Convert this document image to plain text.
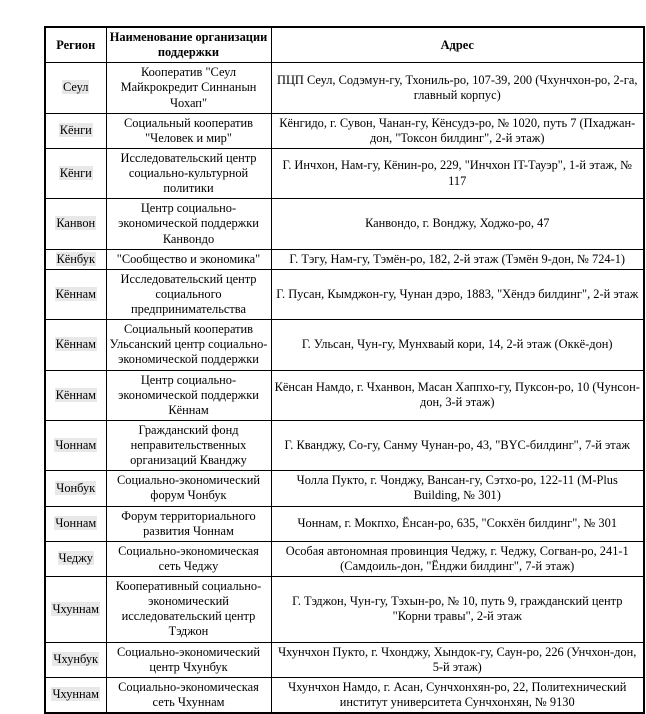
Регион	Наименование организации поддержки	Адрес
Сеул	Кооператив "Сеул Майкрокредит Синнанын Чохап"	ПЦП Сеул, Содэмун-гу, Тхониль-ро, 107-39, 200 (Чхунчхон-ро, 2-га, главный корпус)
Кёнги	Социальный кооператив "Человек и мир"	Кёнгидо, г. Сувон, Чанан-гу, Кёнсудэ-ро, № 1020, путь 7 (Пхаджан-дон, "Токсон билдинг", 2-й этаж)
Кёнги	Исследовательский центр социально-культурной политики	Г. Инчхон, Нам-гу, Кёнин-ро, 229, "Инчхон IT-Тауэр", 1-й этаж, № 117
Канвон	Центр социально-экономической поддержки Канвондо	Канвондо, г. Вонджу, Ходжо-ро, 47
Кёнбук	"Сообщество и экономика"	Г. Тэгу, Нам-гу, Тэмён-ро, 182, 2-й этаж (Тэмён 9-дон, № 724-1)
Кённам	Исследовательский центр социального предпринимательства	Г. Пусан, Кымджон-гу, Чунан дэро, 1883, "Хёндэ билдинг", 2-й этаж
Кённам	Социальный кооператив Ульсанский центр социально-экономической поддержки	Г. Ульсан, Чун-гу, Мунхваый кори, 14, 2-й этаж (Оккё-дон)
Кённам	Центр социально- экономической поддержки Кённам	Кёнсан Намдо, г. Чханвон, Масан Хаппхо-гу, Пуксон-ро, 10 (Чунсон-дон, 3-й этаж)
Чоннам	Гражданский фонд неправительственных организаций Кванджу	Г. Кванджу, Со-гу, Санму Чунан-ро, 43, "BYC-билдинг", 7-й этаж
Чонбук	Социально-экономический форум Чонбук	Чолла Пукто, г. Чонджу, Вансан-гу, Сэтхо-ро, 122-11 (M-Plus Building, № 301)
Чоннам	Форум территориального развития Чоннам	Чоннам, г. Мокпхо, Ёнсан-ро, 635, "Сокхён билдинг", № 301
Чеджу	Социально-экономическая сеть Чеджу	Особая автономная провинция Чеджу, г. Чеджу, Согван-ро, 241-1 (Самдоиль-дон, "Ёнджи билдинг", 7-й этаж)
Чхуннам	Кооперативный социально-экономический исследовательский центр Тэджон	Г. Тэджон, Чун-гу, Тэхын-ро, № 10, путь 9, гражданский центр "Корни травы", 2-й этаж
Чхунбук	Социально-экономический центр Чхунбук	Чхунчхон Пукто, г. Чхонджу, Хындок-гу, Саун-ро, 226 (Унчхон-дон, 5-й этаж)
Чхуннам	Социально-экономическая сеть Чхуннам	Чхунчхон Намдо, г. Асан, Сунчхонхян-ро, 22, Политехнический институт университета Сунчхонхян, № 9130
